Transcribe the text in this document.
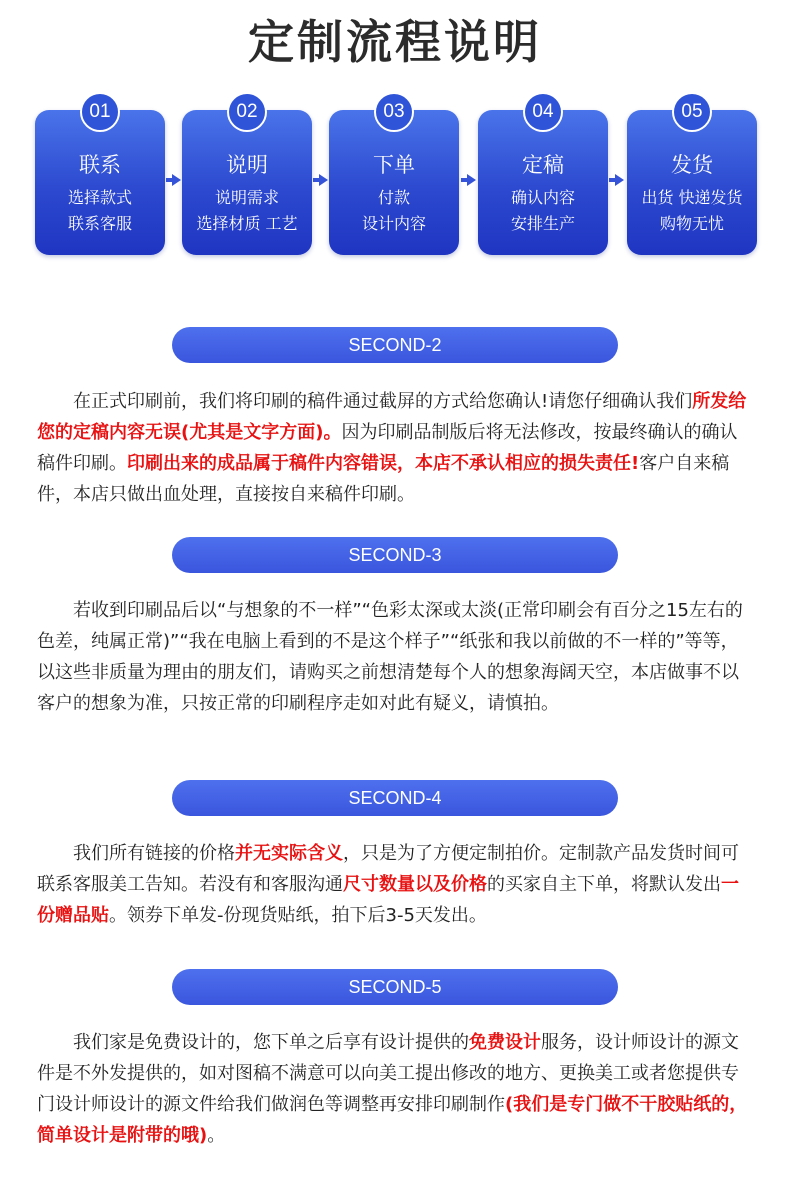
定制流程说明
01
联系
选择款式
联系客服
02
说明
说明需求
选择材质 工艺
03
下单
付款
设计内容
04
定稿
确认内容
安排生产
05
发货
出货 快递发货
购物无忧
SECOND-2

在正式印刷前，我们将印刷的稿件通过截屏的方式给您确认!请您仔细确认我们所发给您的定稿内容无误(尤其是文字方面)。因为印刷品制版后将无法修改，按最终确认的确认稿件印刷。印刷出来的成品属于稿件内容错误，本店不承认相应的损失责任!客户自来稿件，本店只做出血处理，直接按自来稿件印刷。

SECOND-3

若收到印刷品后以“与想象的不一样”“色彩太深或太淡(正常印刷会有百分之15左右的色差，纯属正常)”“我在电脑上看到的不是这个样子”“纸张和我以前做的不一样的”等等，以这些非质量为理由的朋友们，请购买之前想清楚每个人的想象海阔天空，本店做事不以客户的想象为准，只按正常的印刷程序走如对此有疑义，请慎拍。

SECOND-4

我们所有链接的价格并无实际含义，只是为了方便定制拍价。定制款产品发货时间可联系客服美工告知。若没有和客服沟通尺寸数量以及价格的买家自主下单，将默认发出一份赠品贴。领券下单发-份现货贴纸，拍下后3-5天发出。

SECOND-5

我们家是免费设计的，您下单之后享有设计提供的免费设计服务，设计师设计的源文件是不外发提供的，如对图稿不满意可以向美工提出修改的地方、更换美工或者您提供专门设计师设计的源文件给我们做润色等调整再安排印刷制作(我们是专门做不干胶贴纸的，简单设计是附带的哦)。
